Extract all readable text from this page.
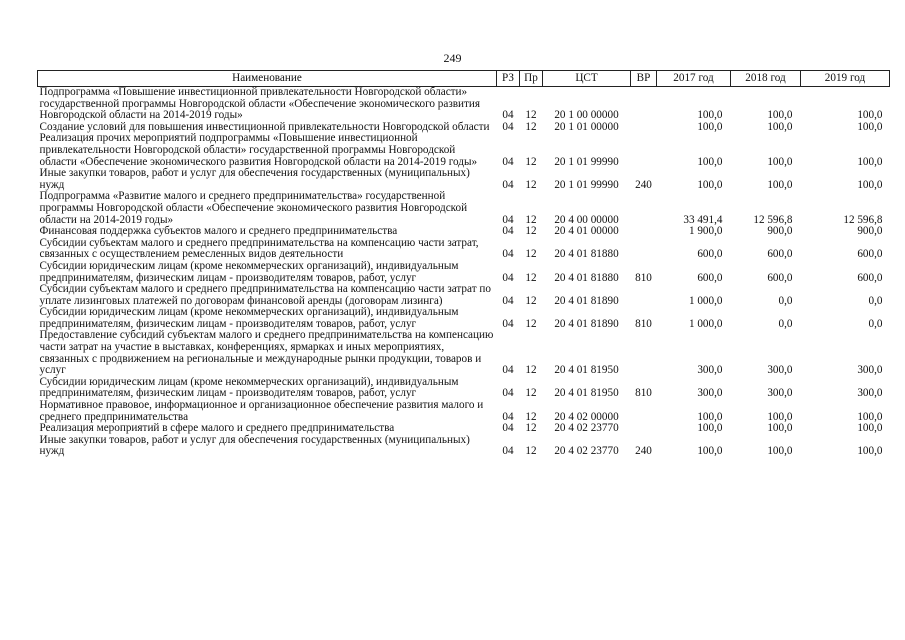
249
Наименование	РЗ	Пр	ЦСТ	ВР	2017 год	2018 год	2019 год
Подпрограмма «Повышение инвестиционной привлекательности Новгородской области» государственной программы Новгородской области «Обеспечение экономического развития Новгородской области на 2014-2019 годы»	04	12	20 1 00 00000		100,0	100,0	100,0
Создание условий для повышения инвестиционной привлекательности Новгородской области	04	12	20 1 01 00000		100,0	100,0	100,0
Реализация прочих мероприятий подпрограммы «Повышение инвестиционной привлекательности Новгородской области» государственной программы Новгородской области «Обеспечение экономического развития Новгородской области на 2014-2019 годы»	04	12	20 1 01 99990		100,0	100,0	100,0
Иные закупки товаров, работ и услуг для обеспечения государственных (муниципальных) нужд	04	12	20 1 01 99990	240	100,0	100,0	100,0
Подпрограмма «Развитие малого и среднего предпринимательства» государственной программы Новгородской области «Обеспечение экономического развития Новгородской области на 2014-2019 годы»	04	12	20 4 00 00000		33 491,4	12 596,8	12 596,8
Финансовая поддержка субъектов малого и среднего предпринимательства	04	12	20 4 01 00000		1 900,0	900,0	900,0
Субсидии субъектам малого и среднего предпринимательства на компенсацию части затрат, связанных с осуществлением ремесленных видов деятельности	04	12	20 4 01 81880		600,0	600,0	600,0
Субсидии юридическим лицам (кроме некоммерческих организаций), индивидуальным предпринимателям, физическим лицам - производителям товаров, работ, услуг	04	12	20 4 01 81880	810	600,0	600,0	600,0
Субсидии субъектам малого и среднего предпринимательства на компенсацию части затрат по уплате лизинговых платежей по договорам финансовой аренды (договорам лизинга)	04	12	20 4 01 81890		1 000,0	0,0	0,0
Субсидии юридическим лицам (кроме некоммерческих организаций), индивидуальным предпринимателям, физическим лицам - производителям товаров, работ, услуг	04	12	20 4 01 81890	810	1 000,0	0,0	0,0
Предоставление субсидий субъектам малого и среднего предпринимательства на компенсацию части затрат на участие в выставках, конференциях, ярмарках и иных мероприятиях, связанных с продвижением на региональные и международные рынки продукции, товаров и услуг	04	12	20 4 01 81950		300,0	300,0	300,0
Субсидии юридическим лицам (кроме некоммерческих организаций), индивидуальным предпринимателям, физическим лицам - производителям товаров, работ, услуг	04	12	20 4 01 81950	810	300,0	300,0	300,0
Нормативное правовое, информационное и организационное обеспечение развития малого и среднего предпринимательства	04	12	20 4 02 00000		100,0	100,0	100,0
Реализация мероприятий в сфере малого и среднего предпринимательства	04	12	20 4 02 23770		100,0	100,0	100,0
Иные закупки товаров, работ и услуг для обеспечения государственных (муниципальных) нужд	04	12	20 4 02 23770	240	100,0	100,0	100,0
